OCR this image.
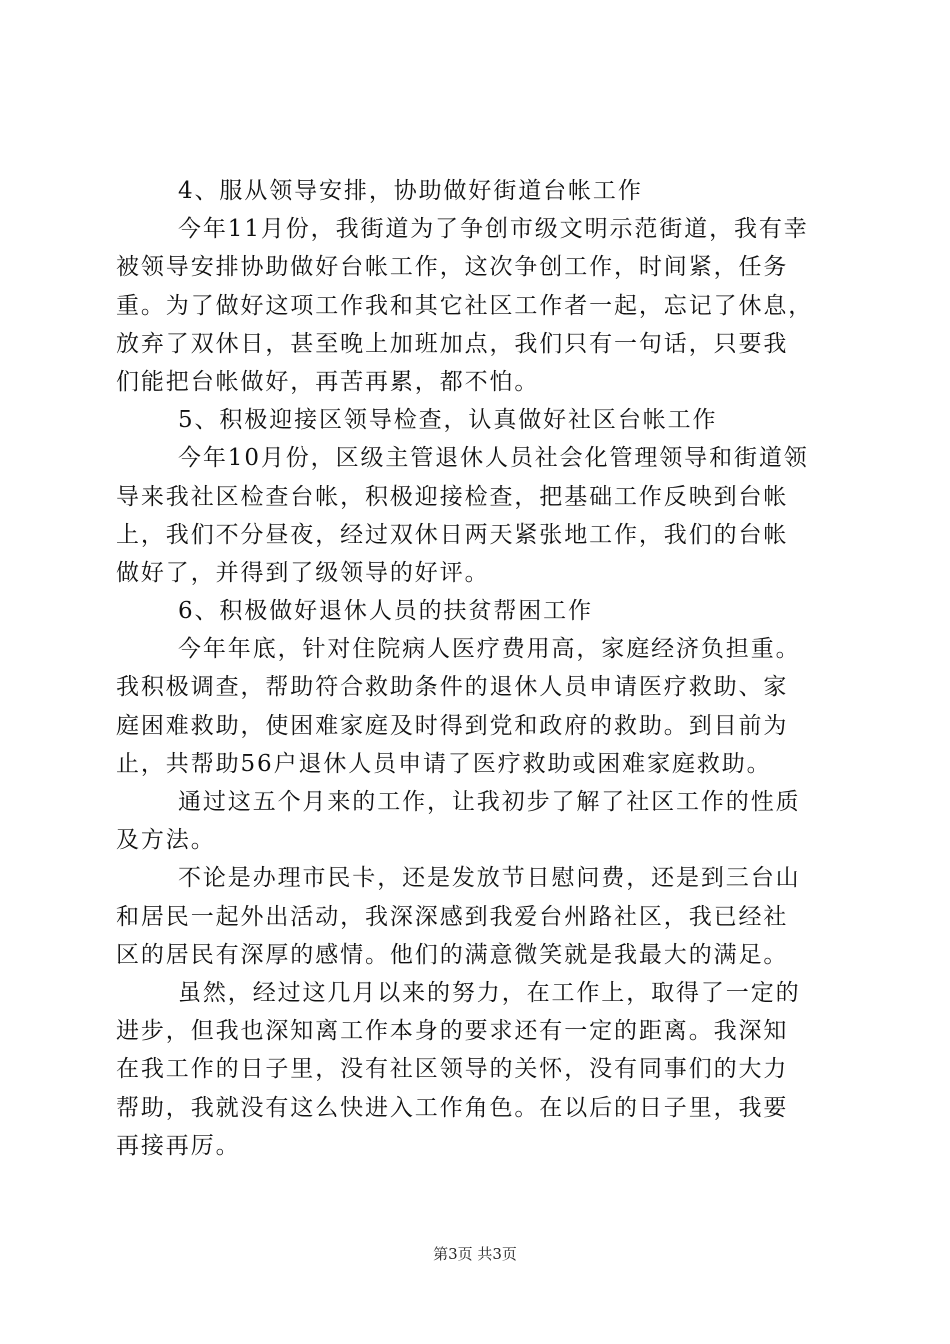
4、服从领导安排，协助做好街道台帐工作
今年11月份，我街道为了争创市级文明示范街道，我有幸
被领导安排协助做好台帐工作，这次争创工作，时间紧，任务
重。为了做好这项工作我和其它社区工作者一起，忘记了休息，
放弃了双休日，甚至晚上加班加点，我们只有一句话，只要我
们能把台帐做好，再苦再累，都不怕。
5、积极迎接区领导检查，认真做好社区台帐工作
今年10月份，区级主管退休人员社会化管理领导和街道领
导来我社区检查台帐，积极迎接检查，把基础工作反映到台帐
上，我们不分昼夜，经过双休日两天紧张地工作，我们的台帐
做好了，并得到了级领导的好评。
6、积极做好退休人员的扶贫帮困工作
今年年底，针对住院病人医疗费用高，家庭经济负担重。
我积极调查，帮助符合救助条件的退休人员申请医疗救助、家
庭困难救助，使困难家庭及时得到党和政府的救助。到目前为
止，共帮助56户退休人员申请了医疗救助或困难家庭救助。
通过这五个月来的工作，让我初步了解了社区工作的性质
及方法。
不论是办理市民卡，还是发放节日慰问费，还是到三台山
和居民一起外出活动，我深深感到我爱台州路社区，我已经社
区的居民有深厚的感情。他们的满意微笑就是我最大的满足。
虽然，经过这几月以来的努力，在工作上，取得了一定的
进步，但我也深知离工作本身的要求还有一定的距离。我深知
在我工作的日子里，没有社区领导的关怀，没有同事们的大力
帮助，我就没有这么快进入工作角色。在以后的日子里，我要
再接再厉。
第3页 共3页
